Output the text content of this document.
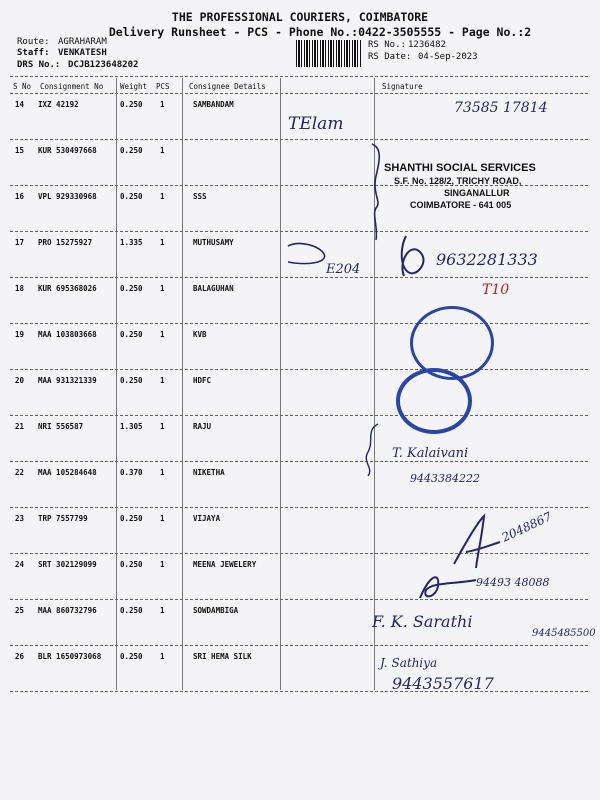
THE PROFESSIONAL COURIERS, COIMBATORE
Delivery Runsheet - PCS - Phone No.:0422-3505555 - Page No.:2
Route: AGRAHARAM
Staff: VENKATESH
DRS No.: DCJB123648202
RS No.: 1236482
RS Date: 04-Sep-2023
S No Consignment No Weight PCS	Consignee Details	Signature
14 IXZ 42192	0.250 1	SAMBANDAM
15 KUR 530497668	0.250 1
16 VPL 929330968	0.250 1	SSS
17 PRO 15275927	1.335 1	MUTHUSAMY
18 KUR 695368026	0.250 1	BALAGUHAN
19 MAA 103803668	0.250 1	KVB
20 MAA 931321339	0.250 1	HDFC
21 NRI 556587	1.305 1	RAJU
22 MAA 105284648	0.370 1	NIKETHA
23 TRP 7557799	0.250 1	VIJAYA
24 SRT 302129099	0.250 1	MEENA JEWELERY
25 MAA 860732796	0.250 1	SOWDAMBIGA
26 BLR 1650973068	0.250 1	SRI HEMA SILK
73585 17814
TElam
E204
9632281333
T10
T. Kalaivani
9443384222
2048867
94493 48088
F. K. Sarathi
9445485500
J. Sathiya
9443557617
SHANTHI SOCIAL SERVICES
S.F. No. 128/2, TRICHY ROAD,
SINGANALLUR
COIMBATORE - 641 005
